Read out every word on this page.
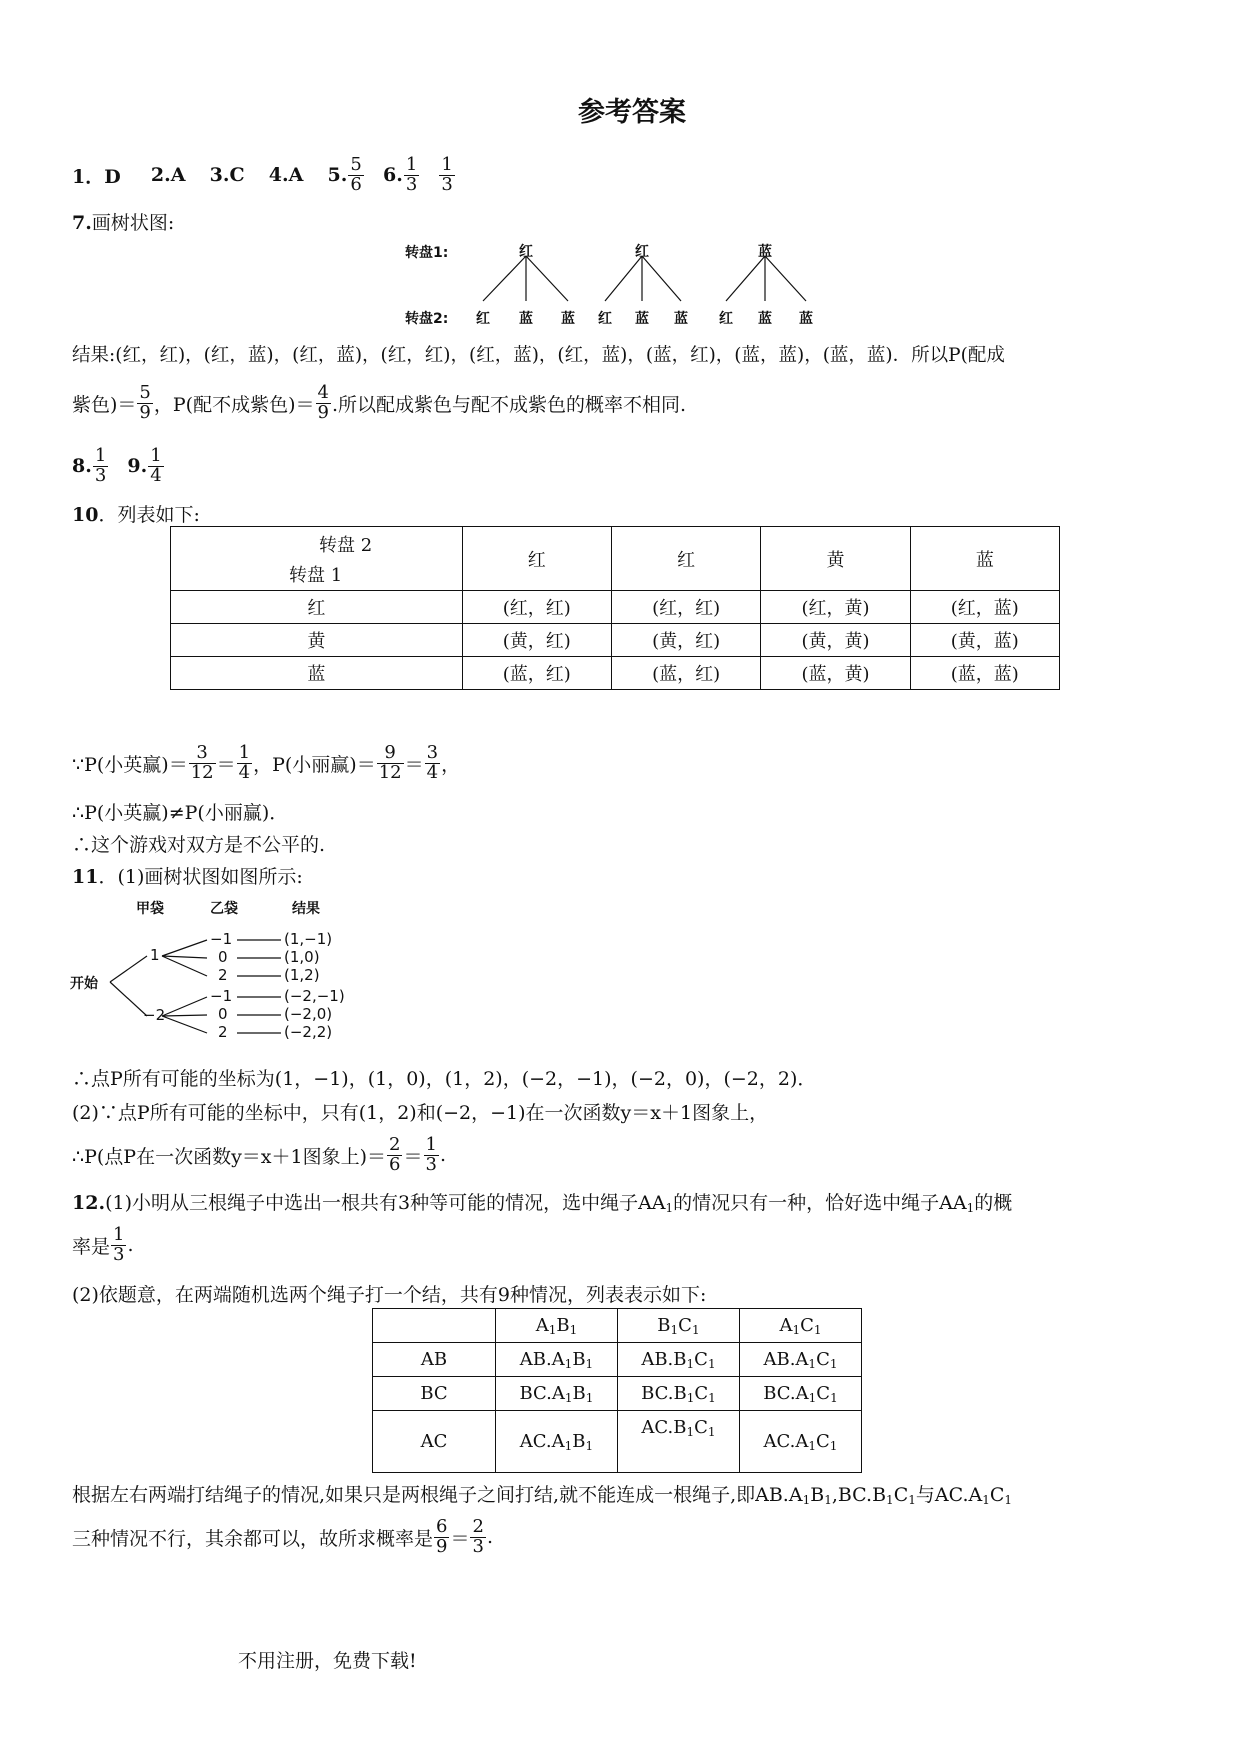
参考答案
1．D
2.A
3.C
4.A
5. $\frac{5}{6}$
6. $\frac{1}{3}$
$\frac{1}{3}$
7.画树状图:
转盘1:
转盘2:
红	红	蓝
红 蓝 蓝 红 蓝 蓝 红 蓝 蓝
结果:(红，红)，(红，蓝)，(红，蓝)，(红，红)，(红，蓝)，(红，蓝)，(蓝，红)，(蓝，蓝)，(蓝，蓝)．所以P(配成
紫色)＝ $\frac{5}{9}$ ，P(配不成紫色)＝ $\frac{4}{9}$ .所以配成紫色与配不成紫色的概率不相同.
8. $\frac{1}{3}$
9. $\frac{1}{4}$
10．列表如下:
转盘 2
转盘 1	红	红	黄	蓝
红	(红，红)	(红，红)	(红，黄)	(红，蓝)
黄	(黄，红)	(黄，红)	(黄，黄)	(黄，蓝)
蓝	(蓝，红)	(蓝，红)	(蓝，黄)	(蓝，蓝)
∵P(小英赢)＝ $\frac{3}{12} = \frac{1}{4}$ ，P(小丽赢)＝ $\frac{9}{12} = \frac{3}{4}$ ，
∴P(小英赢)≠P(小丽赢)．
∴这个游戏对双方是不公平的.
11．(1)画树状图如图所示:
甲袋	乙袋	结果
开始
1
−2
−1
0
2
−1
0
2
(1,−1)
(1,0)
(1,2)
(−2,−1)
(−2,0)
(−2,2)
∴点P所有可能的坐标为(1，−1)，(1，0)，(1，2)，(−2，−1)，(−2，0)，(−2，2)．
(2)∵点P所有可能的坐标中，只有(1，2)和(−2，−1)在一次函数y＝x＋1图象上，
∴P(点P在一次函数y＝x＋1图象上)＝ $\frac{2}{6} = \frac{1}{3}$ .
12.(1)小明从三根绳子中选出一根共有3种等可能的情况，选中绳子$AA_1$的情况只有一种，恰好选中绳子$AA_1$的概
率是 $\frac{1}{3}$ .
(2)依题意，在两端随机选两个绳子打一个结，共有9种情况，列表表示如下:
	$A_1B_1$	$B_1C_1$	$A_1C_1$
AB	$AB.A_1B_1$	$AB.B_1C_1$	$AB.A_1C_1$
BC	$BC.A_1B_1$	$BC.B_1C_1$	$BC.A_1C_1$
AC	$AC.A_1B_1$	$AC.B_1C_1$	$AC.A_1C_1$
根据左右两端打结绳子的情况,如果只是两根绳子之间打结,就不能连成一根绳子,即$AB.A_1B_1,BC.B_1C_1$与$AC.A_1C_1$
三种情况不行，其余都可以，故所求概率是 $\frac{6}{9} = \frac{2}{3}$ .
不用注册，免费下载!
